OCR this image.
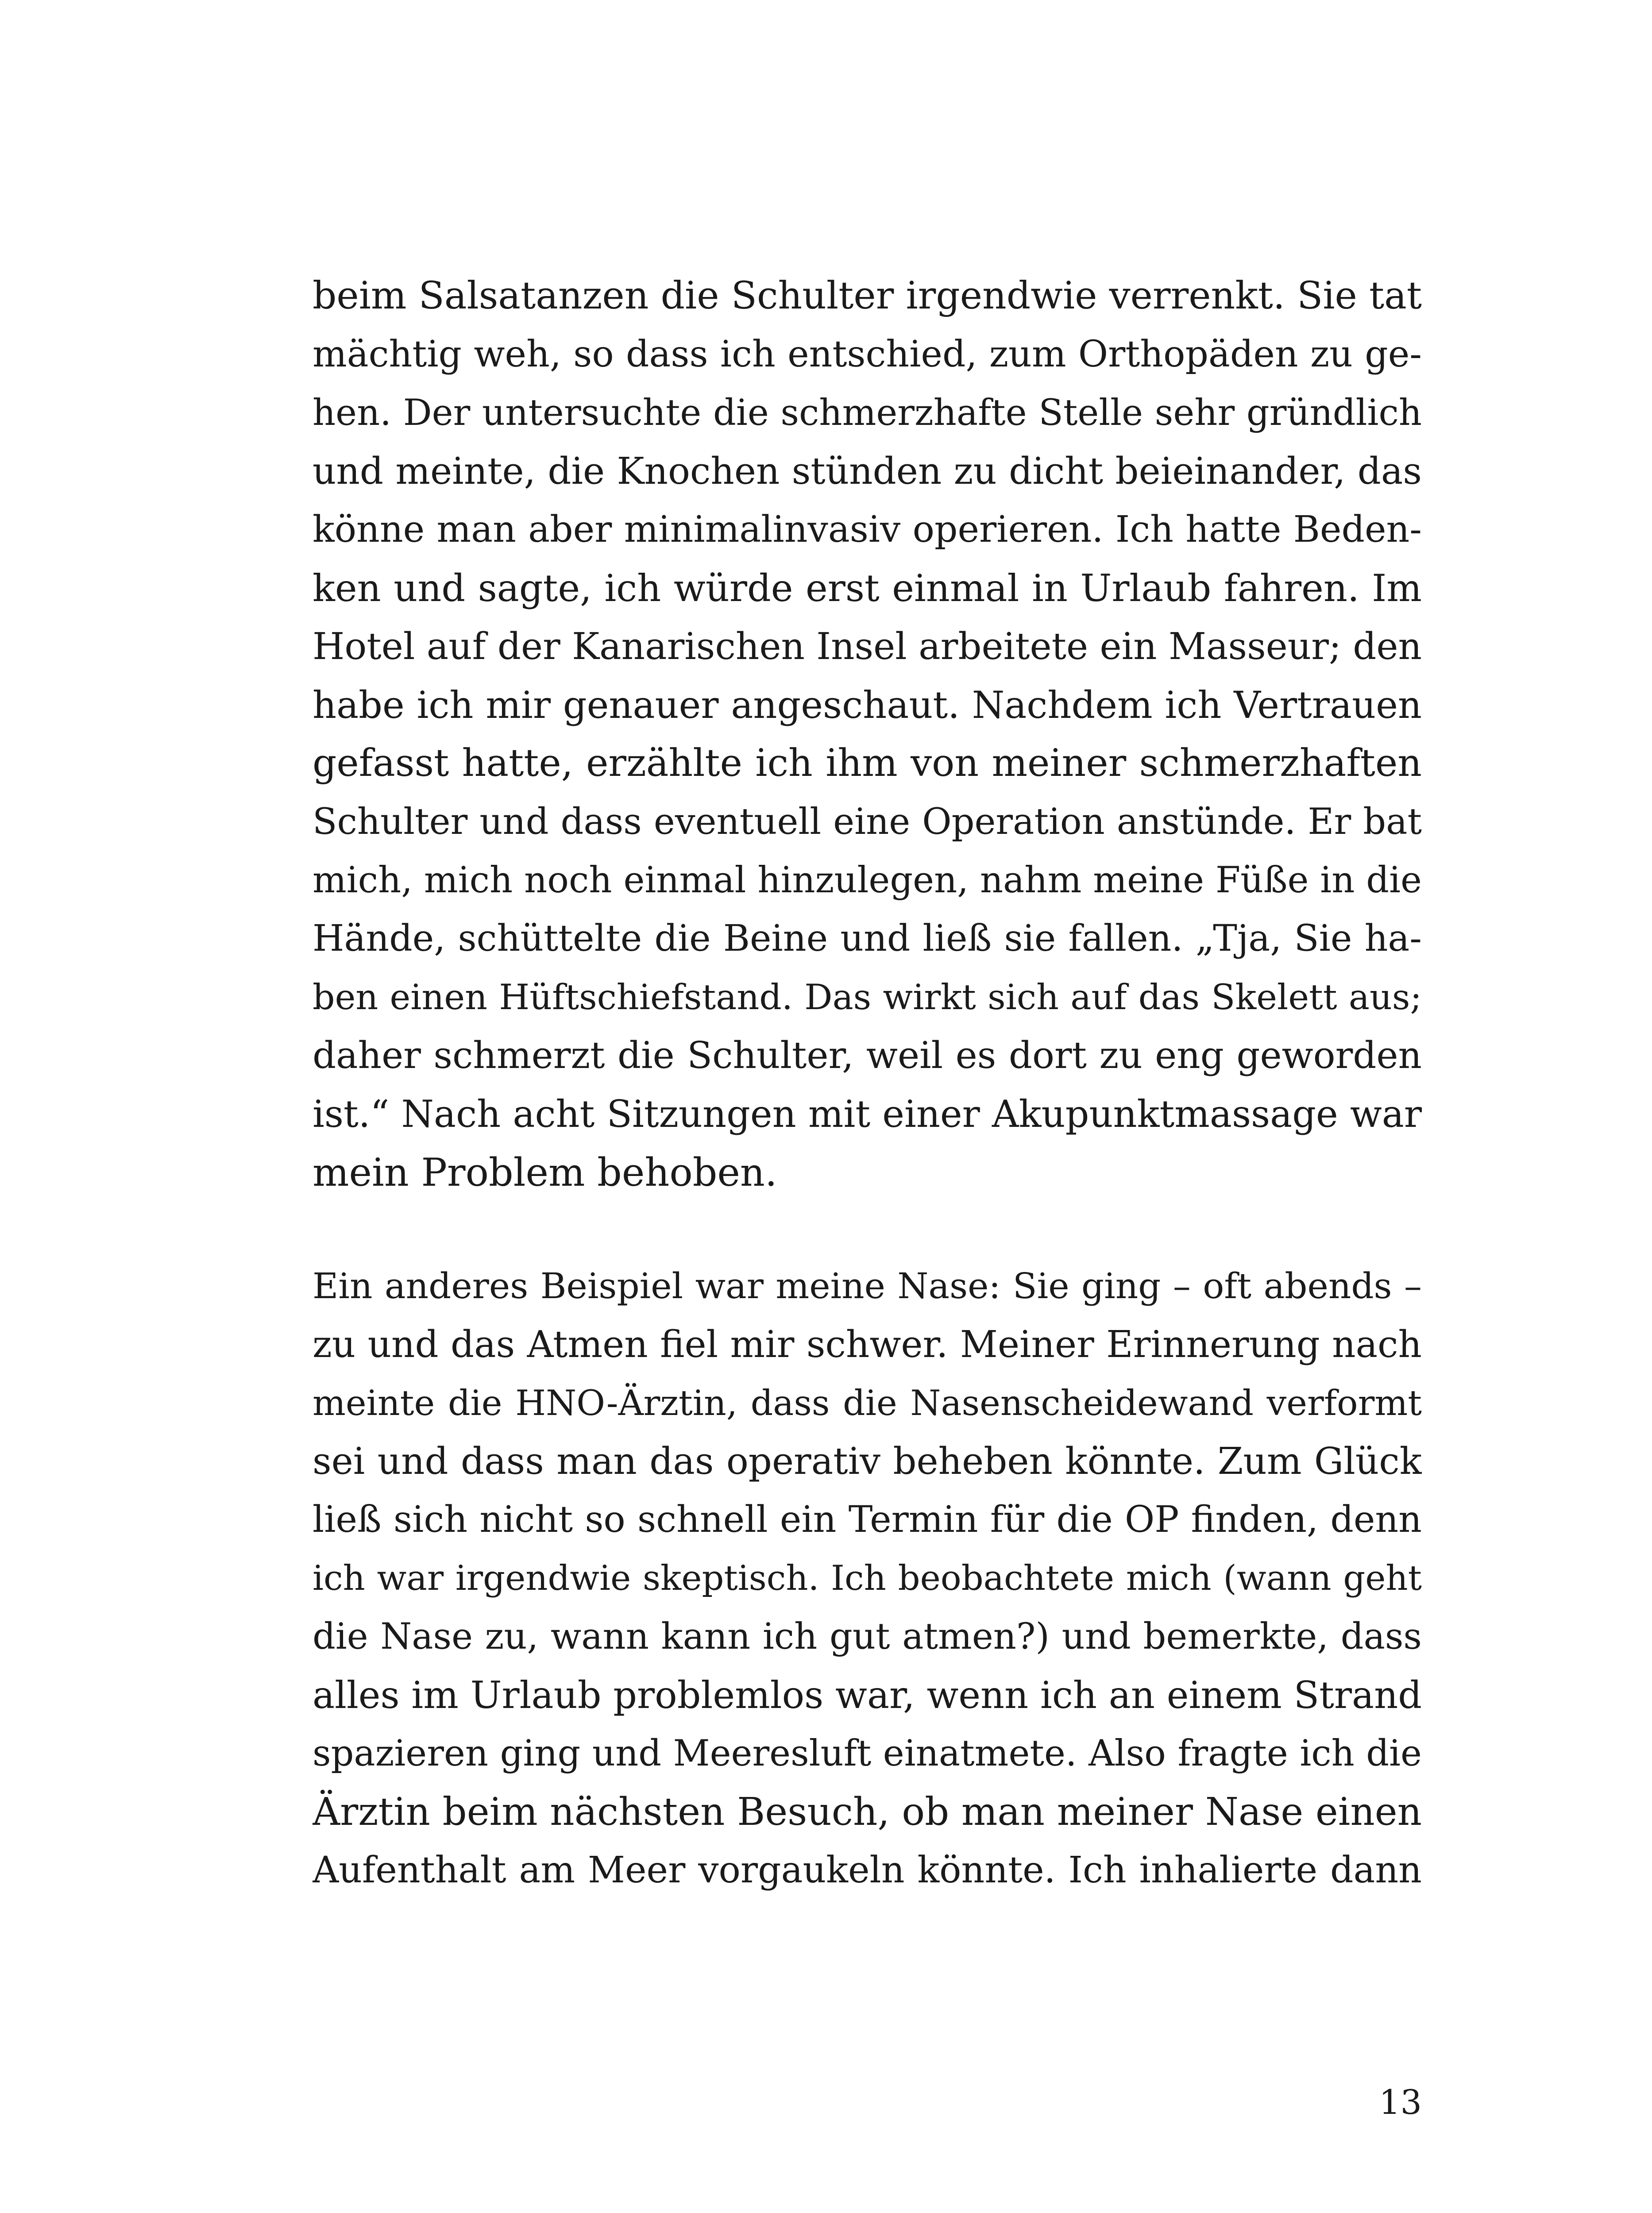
beim Salsatanzen die Schulter irgendwie verrenkt. Sie tat
mächtig weh, so dass ich entschied, zum Orthopäden zu ge-
hen. Der untersuchte die schmerzhafte Stelle sehr gründlich
und meinte, die Knochen stünden zu dicht beieinander, das
könne man aber minimalinvasiv operieren. Ich hatte Beden-
ken und sagte, ich würde erst einmal in Urlaub fahren. Im
Hotel auf der Kanarischen Insel arbeitete ein Masseur; den
habe ich mir genauer angeschaut. Nachdem ich Vertrauen
gefasst hatte, erzählte ich ihm von meiner schmerzhaften
Schulter und dass eventuell eine Operation anstünde. Er bat
mich, mich noch einmal hinzulegen, nahm meine Füße in die
Hände, schüttelte die Beine und ließ sie fallen. „Tja, Sie ha-
ben einen Hüftschiefstand. Das wirkt sich auf das Skelett aus;
daher schmerzt die Schulter, weil es dort zu eng geworden
ist.“ Nach acht Sitzungen mit einer Akupunktmassage war
mein Problem behoben.
Ein anderes Beispiel war meine Nase: Sie ging – oft abends –
zu und das Atmen fiel mir schwer. Meiner Erinnerung nach
meinte die HNO-Ärztin, dass die Nasenscheidewand verformt
sei und dass man das operativ beheben könnte. Zum Glück
ließ sich nicht so schnell ein Termin für die OP finden, denn
ich war irgendwie skeptisch. Ich beobachtete mich (wann geht
die Nase zu, wann kann ich gut atmen?) und bemerkte, dass
alles im Urlaub problemlos war, wenn ich an einem Strand
spazieren ging und Meeresluft einatmete. Also fragte ich die
Ärztin beim nächsten Besuch, ob man meiner Nase einen
Aufenthalt am Meer vorgaukeln könnte. Ich inhalierte dann
13
